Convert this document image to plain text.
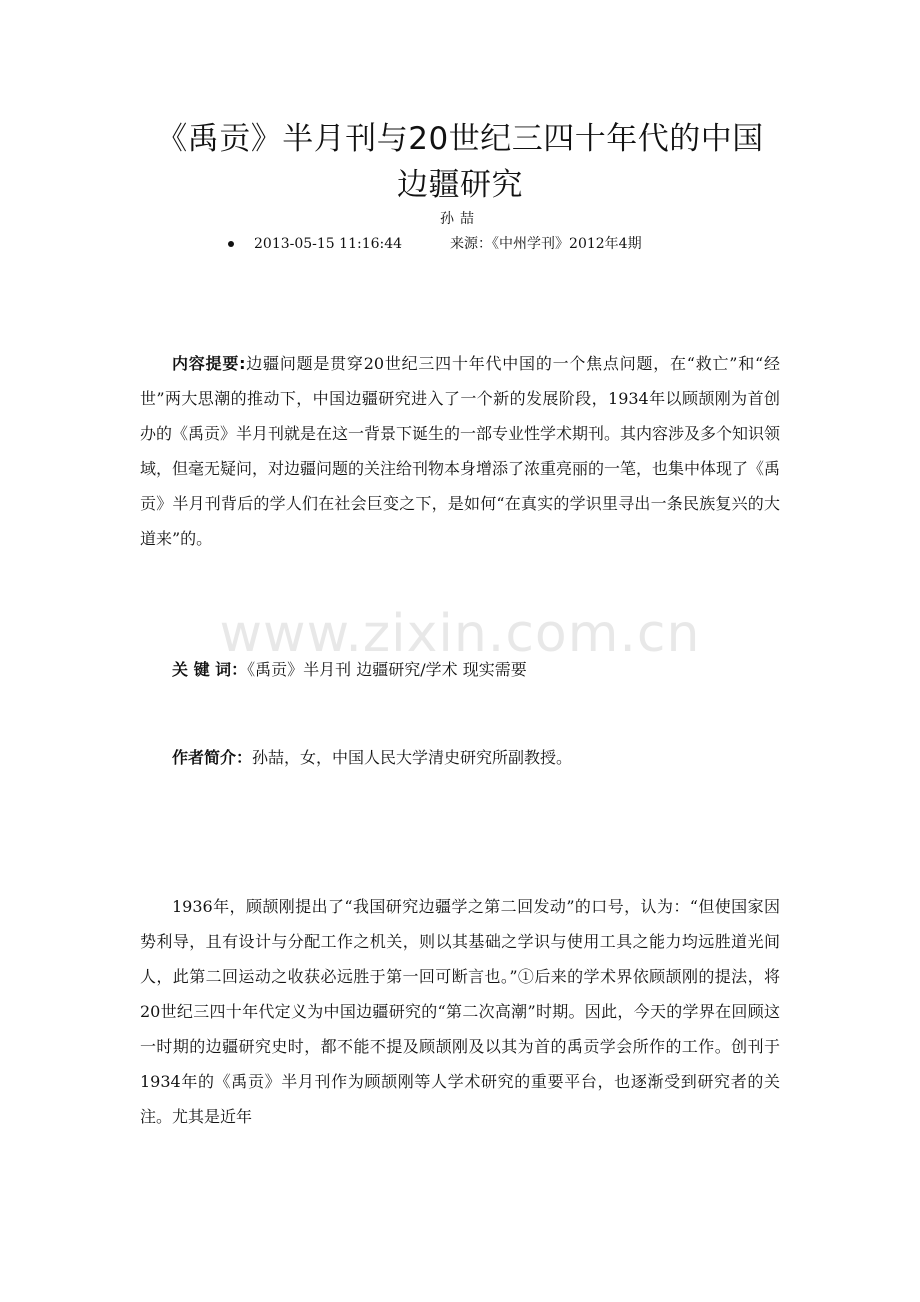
《禹贡》半月刊与20世纪三四十年代的中国
边疆研究
孙喆
2013-05-15 11:16:44	来源：《中州学刊》2012年4期

内容提要:边疆问题是贯穿20世纪三四十年代中国的一个焦点问题，在“救亡”和“经世”两大思潮的推动下，中国边疆研究进入了一个新的发展阶段，1934年以顾颉刚为首创办的《禹贡》半月刊就是在这一背景下诞生的一部专业性学术期刊。其内容涉及多个知识领域，但毫无疑问，对边疆问题的关注给刊物本身增添了浓重亮丽的一笔，也集中体现了《禹贡》半月刊背后的学人们在社会巨变之下，是如何“在真实的学识里寻出一条民族复兴的大道来”的。

www.zixin.com.cn

关 键 词：《禹贡》半月刊 边疆研究/学术 现实需要

作者简介：孙喆，女，中国人民大学清史研究所副教授。

1936年，顾颉刚提出了“我国研究边疆学之第二回发动”的口号，认为：“但使国家因势利导，且有设计与分配工作之机关，则以其基础之学识与使用工具之能力均远胜道光间人，此第二回运动之收获必远胜于第一回可断言也。”①后来的学术界依顾颉刚的提法，将20世纪三四十年代定义为中国边疆研究的“第二次高潮”时期。因此，今天的学界在回顾这一时期的边疆研究史时，都不能不提及顾颉刚及以其为首的禹贡学会所作的工作。创刊于1934年的《禹贡》半月刊作为顾颉刚等人学术研究的重要平台，也逐渐受到研究者的关注。尤其是近年
